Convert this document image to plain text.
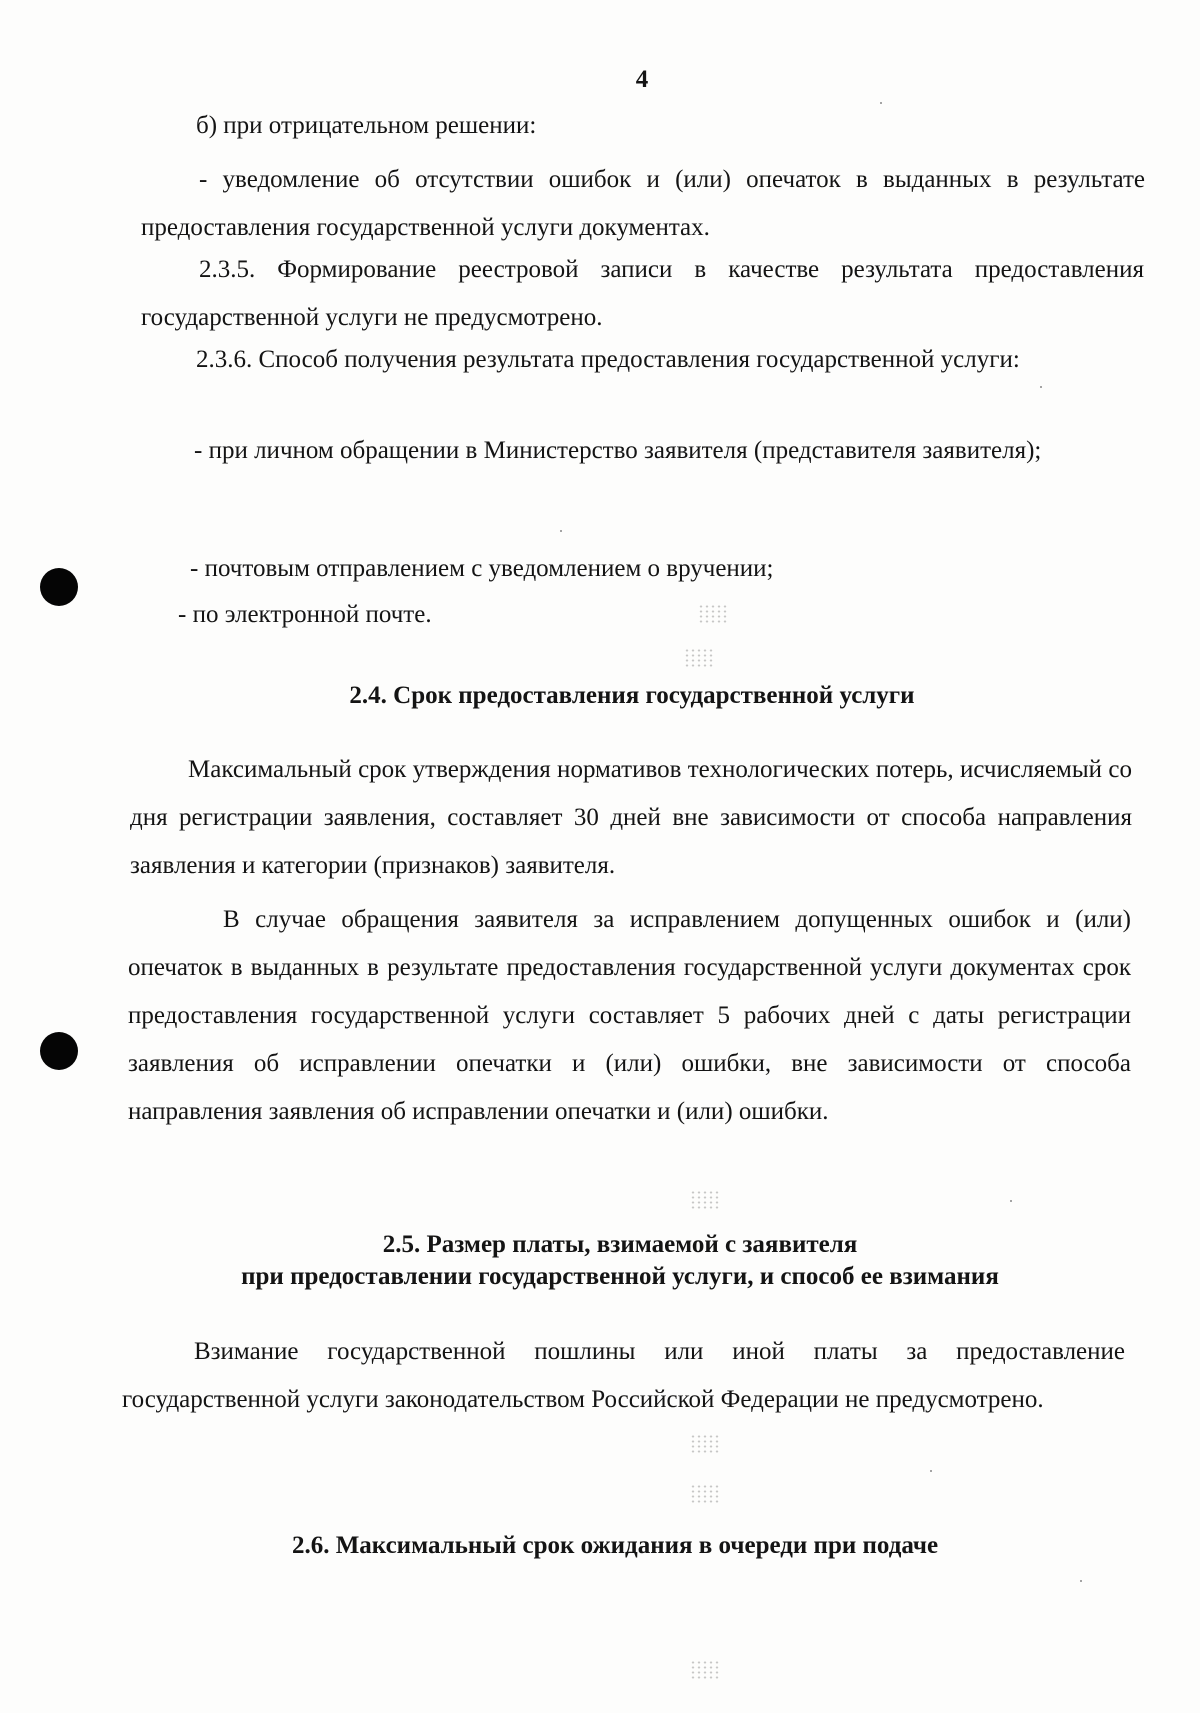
4
б) при отрицательном решении:
- уведомление об отсутствии ошибок и (или) опечаток в выданных в результате предоставления государственной услуги документах.
2.3.5. Формирование реестровой записи в качестве результата предоставления государственной услуги не предусмотрено.
2.3.6. Способ получения результата предоставления государственной услуги:
- при личном обращении в Министерство заявителя (представителя заявителя);
- почтовым отправлением с уведомлением о вручении;
- по электронной почте.
2.4. Срок предоставления государственной услуги
Максимальный срок утверждения нормативов технологических потерь, исчисляемый со дня регистрации заявления, составляет 30 дней вне зависимости от способа направления заявления и категории (признаков) заявителя.
В случае обращения заявителя за исправлением допущенных ошибок и (или) опечаток в выданных в результате предоставления государственной услуги документах срок предоставления государственной услуги составляет 5 рабочих дней с даты регистрации заявления об исправлении опечатки и (или) ошибки, вне зависимости от способа направления заявления об исправлении опечатки и (или) ошибки.
2.5. Размер платы, взимаемой с заявителя
при предоставлении государственной услуги, и способ ее взимания
Взимание государственной пошлины или иной платы за предоставление государственной услуги законодательством Российской Федерации не предусмотрено.
2.6. Максимальный срок ожидания в очереди при подаче
